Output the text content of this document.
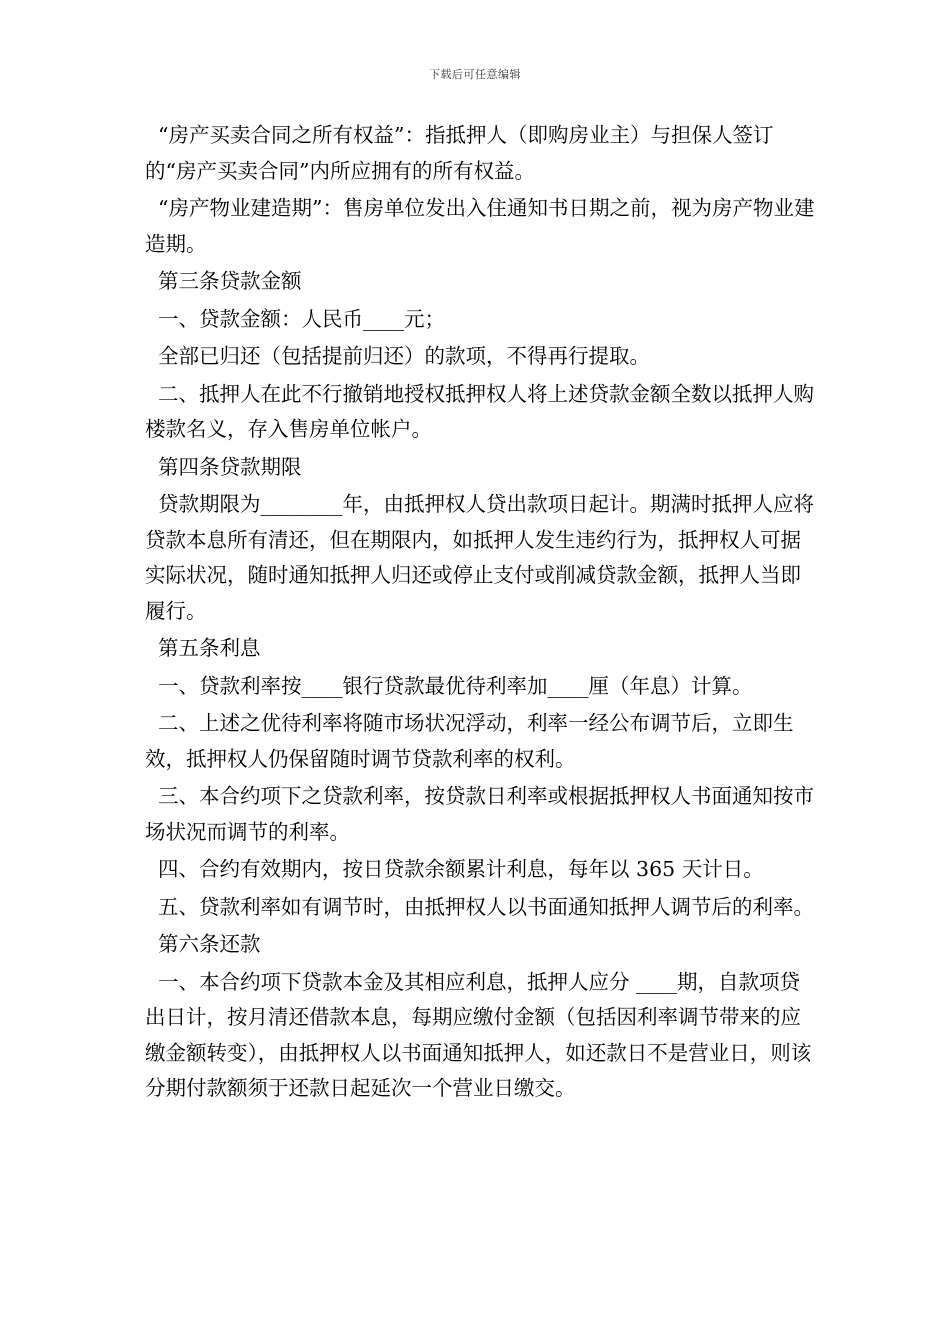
下载后可任意编辑

“房产买卖合同之所有权益”：指抵押人（即购房业主）与担保人签订的“房产买卖合同”内所应拥有的所有权益。

“房产物业建造期”：售房单位发出入住通知书日期之前，视为房产物业建造期。

第三条贷款金额

一、贷款金额：人民币____元；

全部已归还（包括提前归还）的款项，不得再行提取。

二、抵押人在此不行撤销地授权抵押权人将上述贷款金额全数以抵押人购楼款名义，存入售房单位帐户。

第四条贷款期限

贷款期限为________年，由抵押权人贷出款项日起计。期满时抵押人应将贷款本息所有清还，但在期限内，如抵押人发生违约行为，抵押权人可据实际状况，随时通知抵押人归还或停止支付或削减贷款金额，抵押人当即履行。

第五条利息

一、贷款利率按____银行贷款最优待利率加____厘（年息）计算。

二、上述之优待利率将随市场状况浮动，利率一经公布调节后，立即生效，抵押权人仍保留随时调节贷款利率的权利。

三、本合约项下之贷款利率，按贷款日利率或根据抵押权人书面通知按市场状况而调节的利率。

四、合约有效期内，按日贷款余额累计利息，每年以 365 天计日。

五、贷款利率如有调节时，由抵押权人以书面通知抵押人调节后的利率。

第六条还款

一、本合约项下贷款本金及其相应利息，抵押人应分 ____期，自款项贷出日计，按月清还借款本息，每期应缴付金额（包括因利率调节带来的应缴金额转变），由抵押权人以书面通知抵押人，如还款日不是营业日，则该分期付款额须于还款日起延次一个营业日缴交。
